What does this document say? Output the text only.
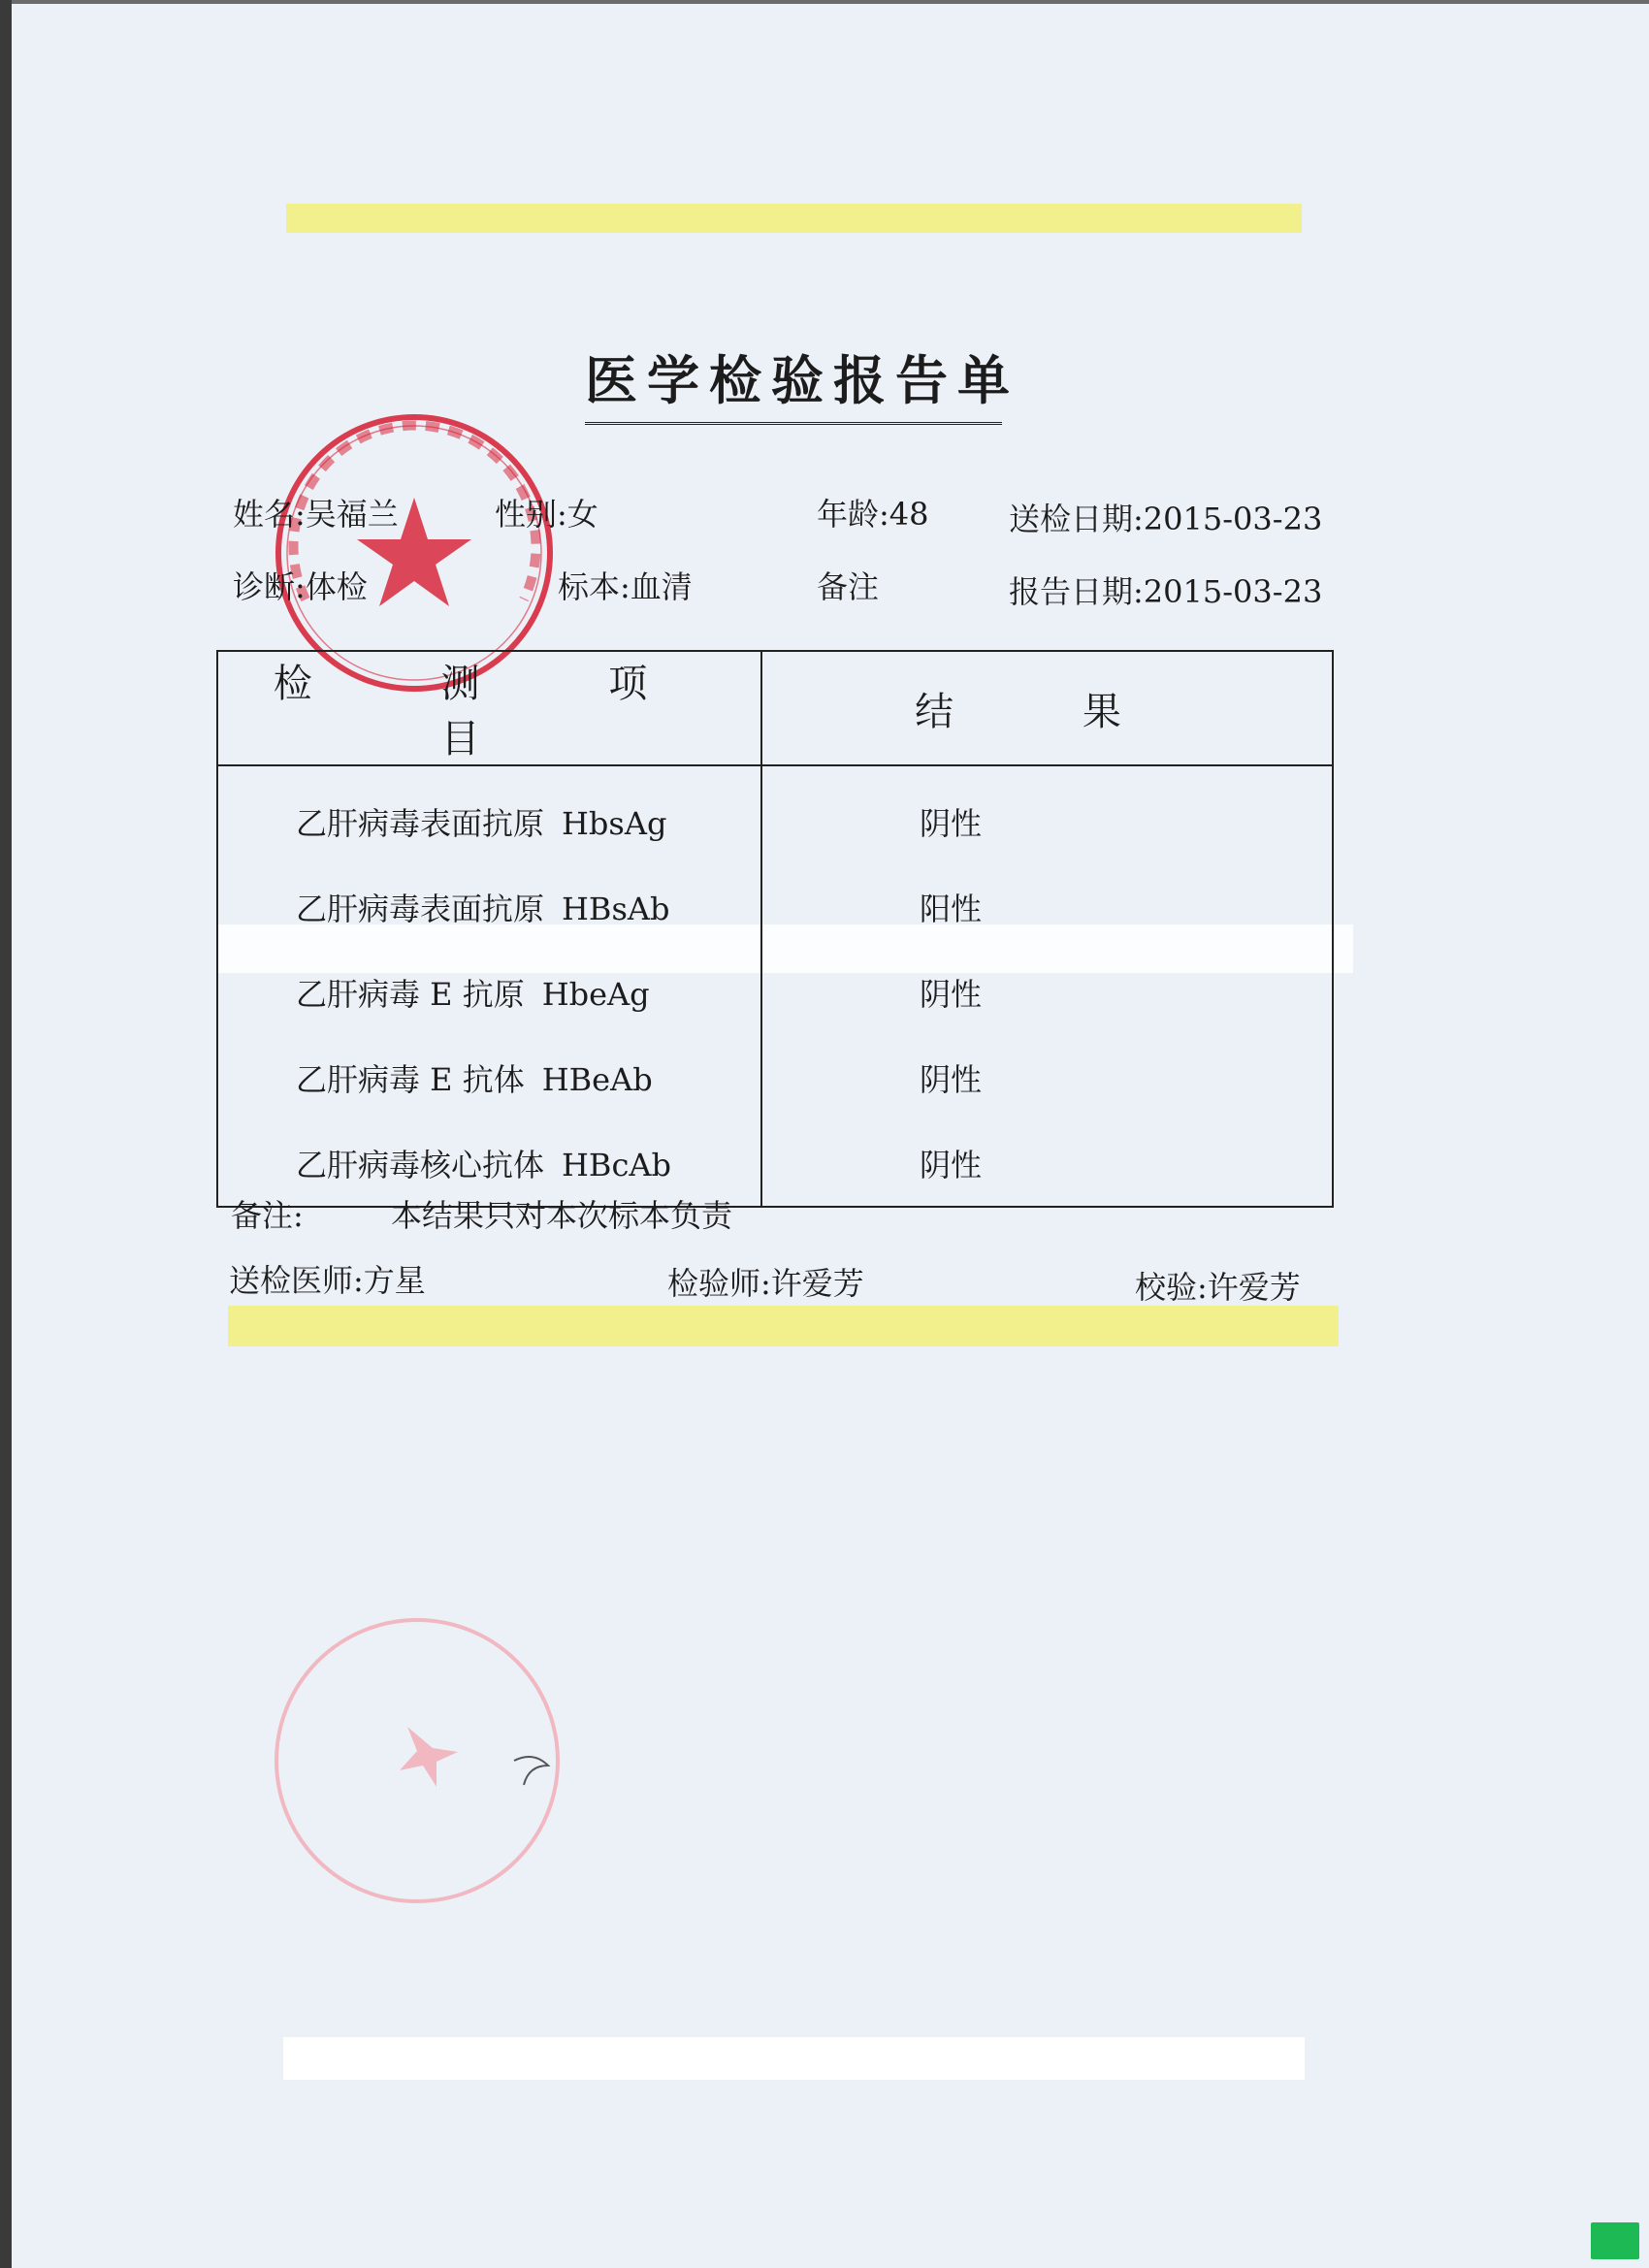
医学检验报告单
姓名:吴福兰	性别:女	年龄:48	送检日期:2015-03-23
诊断:体检	标本:血清	备注	报告日期:2015-03-23
检 测 项 目	结 果
乙肝病毒表面抗原 HbsAg	阴性
乙肝病毒表面抗原 HBsAb	阳性
乙肝病毒 E 抗原 HbeAg	阴性
乙肝病毒 E 抗体 HBeAb	阴性
乙肝病毒核心抗体 HBcAb	阴性
备注:	本结果只对本次标本负责
送检医师:方星	检验师:许爱芳	校验:许爱芳
